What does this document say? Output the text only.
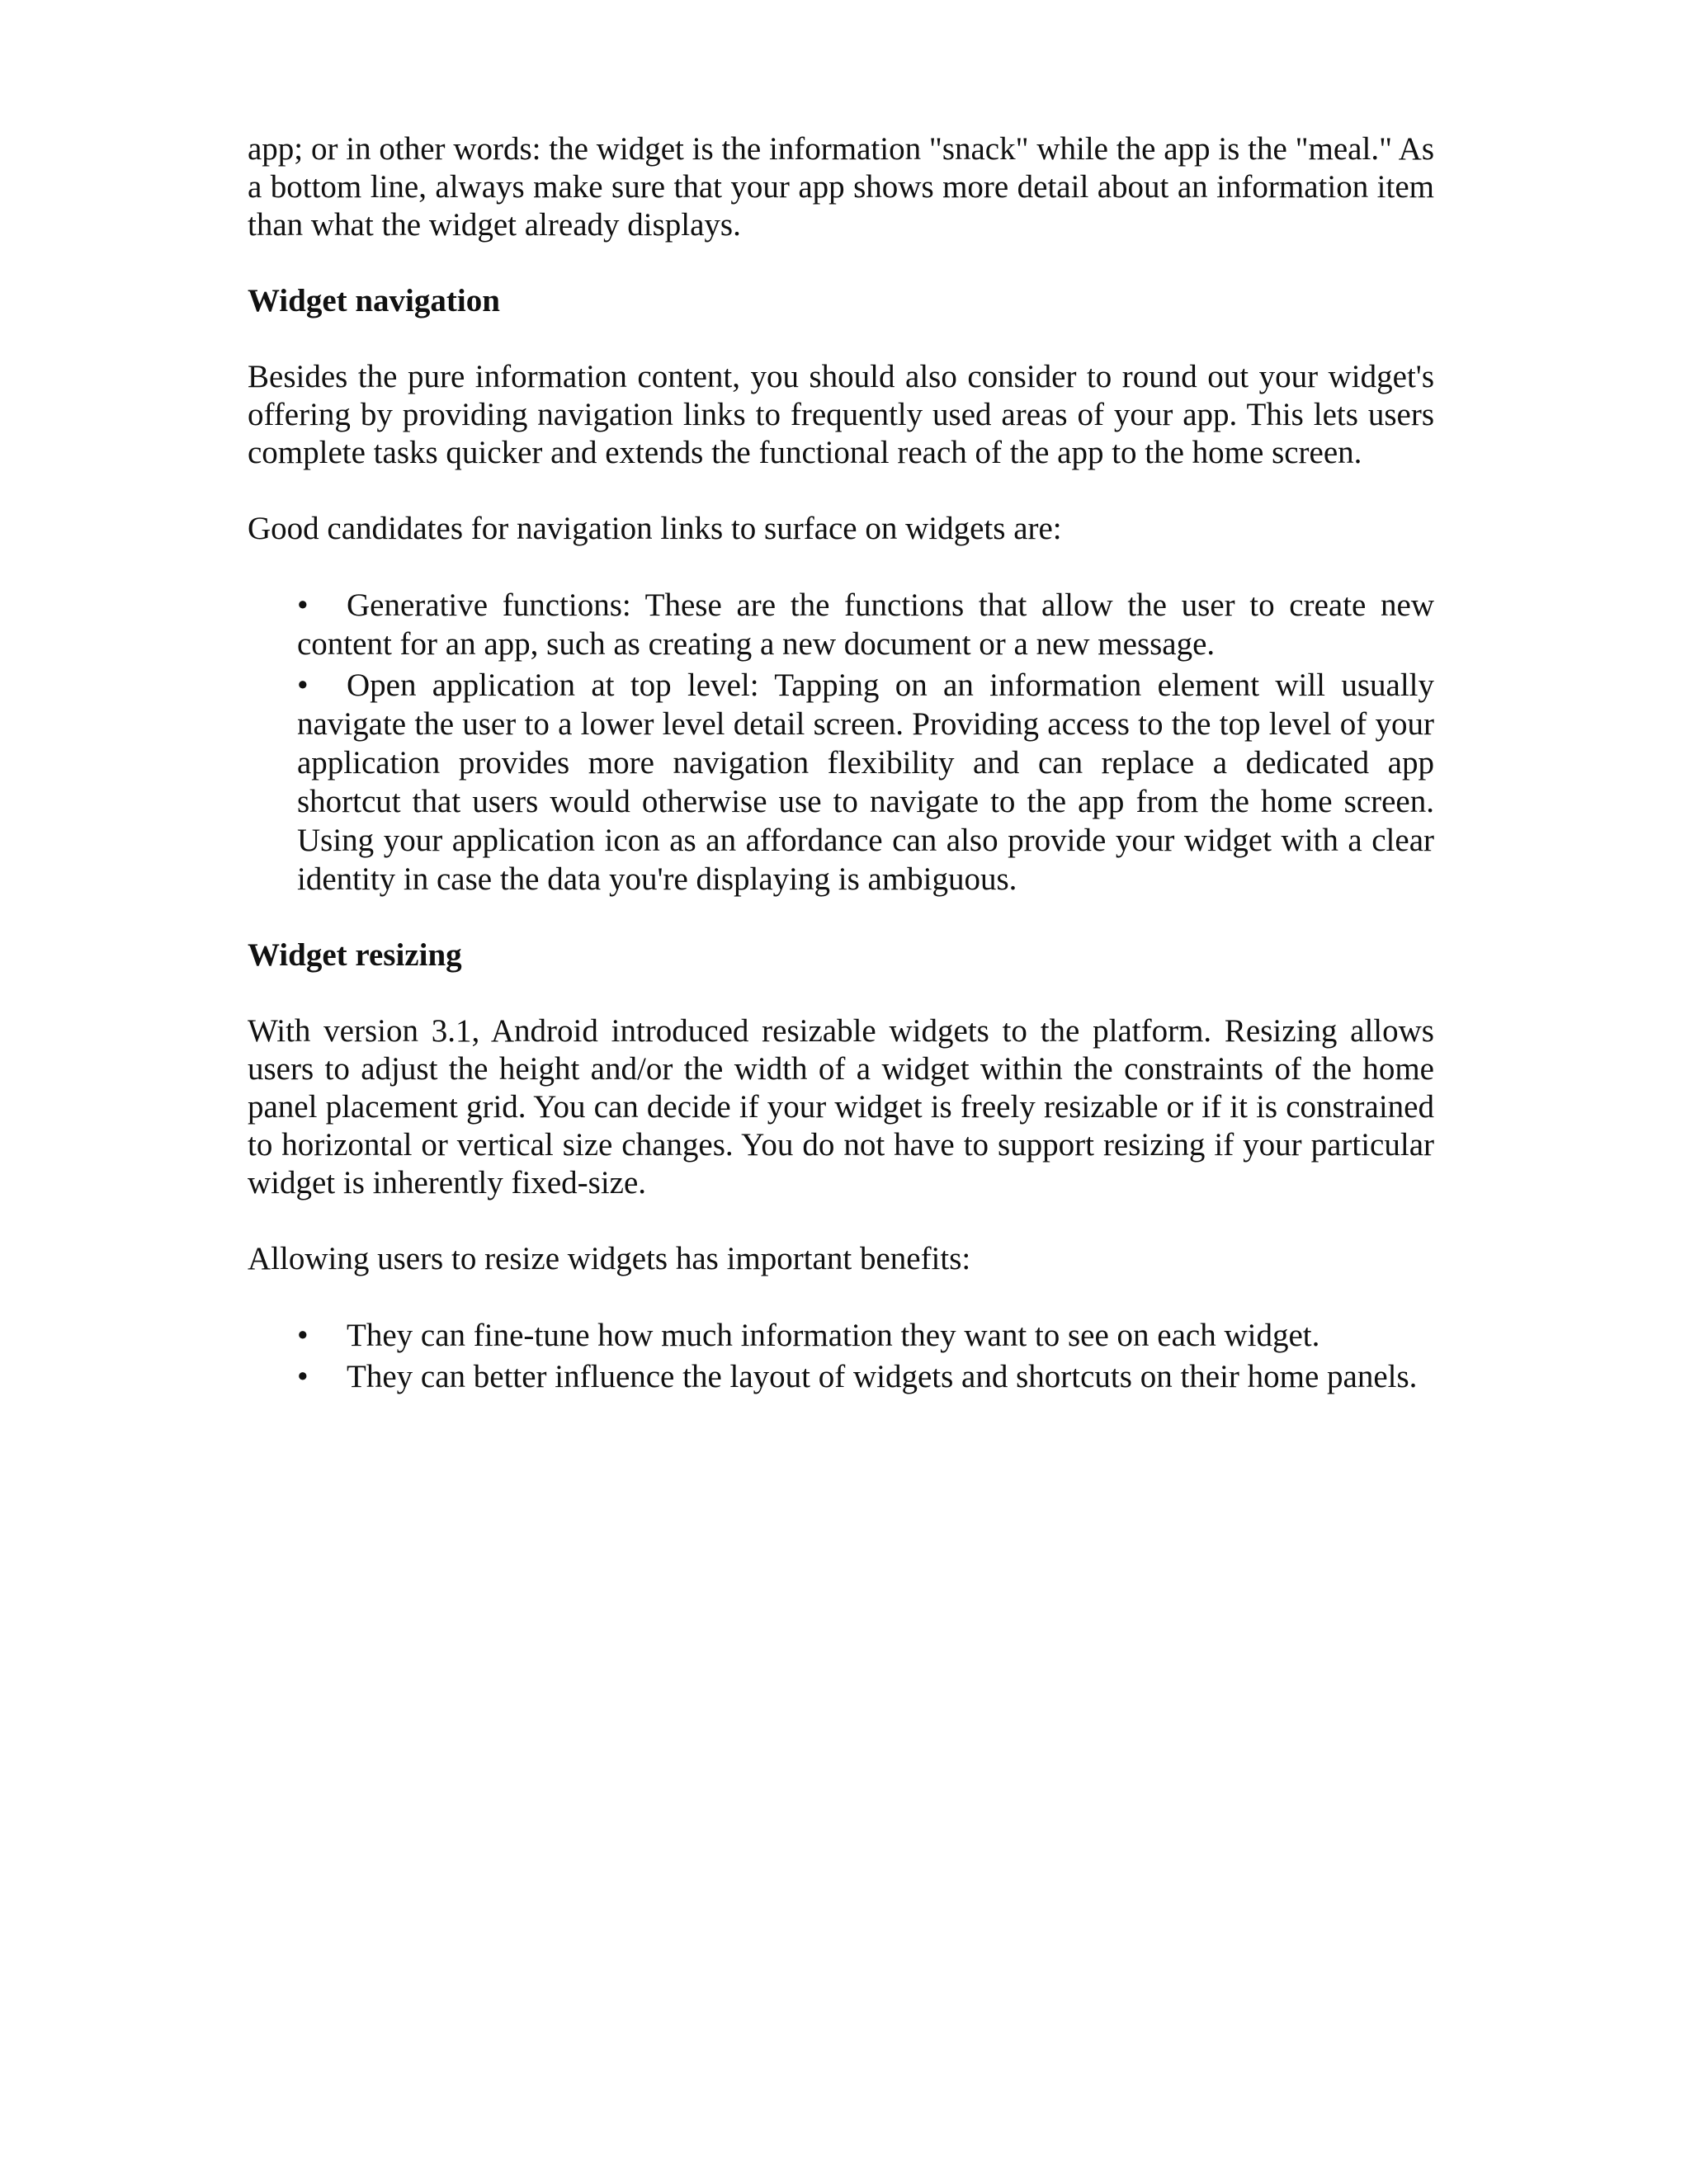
app; or in other words: the widget is the information "snack" while the app is the "meal." As a bottom line, always make sure that your app shows more detail about an information item than what the widget already displays.

Widget navigation

Besides the pure information content, you should also consider to round out your widget's offering by providing navigation links to frequently used areas of your app. This lets users complete tasks quicker and extends the functional reach of the app to the home screen.

Good candidates for navigation links to surface on widgets are:

•	Generative functions: These are the functions that allow the user to create new content for an app, such as creating a new document or a new message.
•	Open application at top level: Tapping on an information element will usually navigate the user to a lower level detail screen. Providing access to the top level of your application provides more navigation flexibility and can replace a dedicated app shortcut that users would otherwise use to navigate to the app from the home screen. Using your application icon as an affordance can also provide your widget with a clear identity in case the data you're displaying is ambiguous.

Widget resizing

With version 3.1, Android introduced resizable widgets to the platform. Resizing allows users to adjust the height and/or the width of a widget within the constraints of the home panel placement grid. You can decide if your widget is freely resizable or if it is constrained to horizontal or vertical size changes. You do not have to support resizing if your particular widget is inherently fixed-size.

Allowing users to resize widgets has important benefits:

•	They can fine-tune how much information they want to see on each widget.
•	They can better influence the layout of widgets and shortcuts on their home panels.
